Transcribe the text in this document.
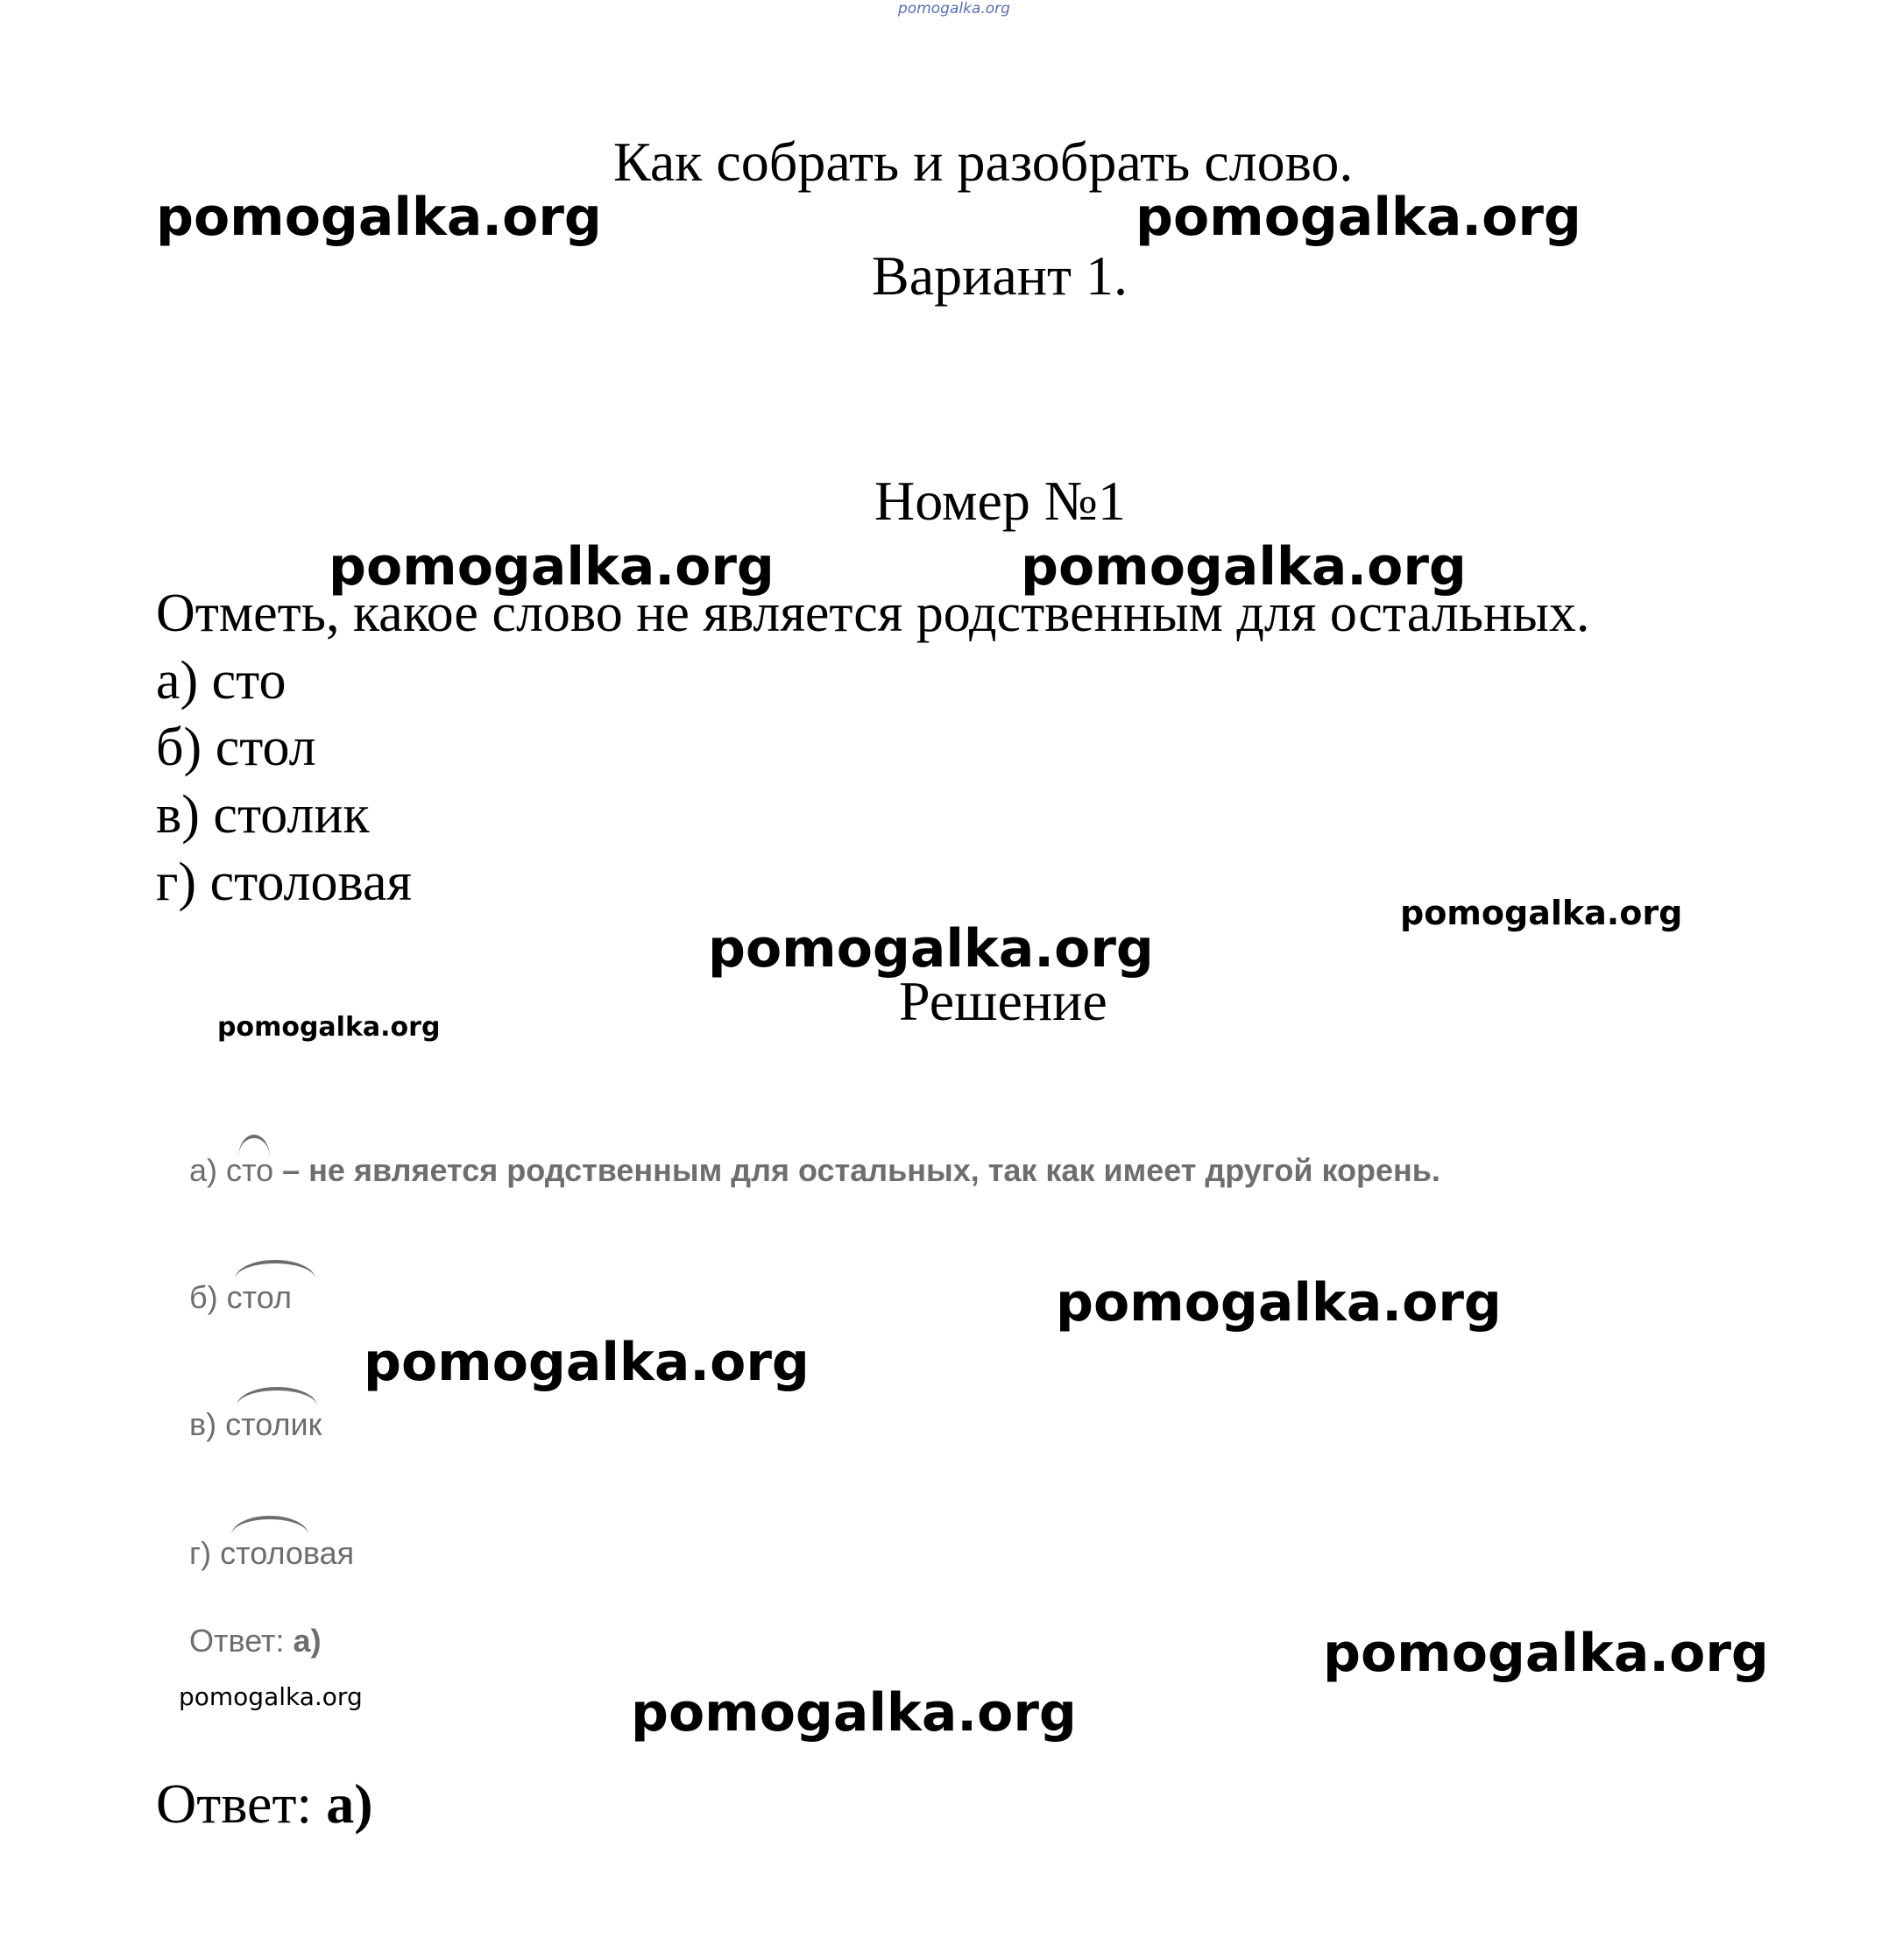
pomogalka.org
Как собрать и разобрать слово.
Вариант 1.
Номер №1
Отметь, какое слово не является родственным для остальных.
а) сто
б) стол
в) столик
г) столовая
Решение
а) сто – не является родственным для остальных, так как имеет другой корень.
б) стол
в) столик
г) столовая
Ответ: а)
Ответ: а)
pomogalka.org	pomogalka.org
pomogalka.org	pomogalka.org
pomogalka.org
pomogalka.org
pomogalka.org
pomogalka.org
pomogalka.org
pomogalka.org
pomogalka.org	pomogalka.org
